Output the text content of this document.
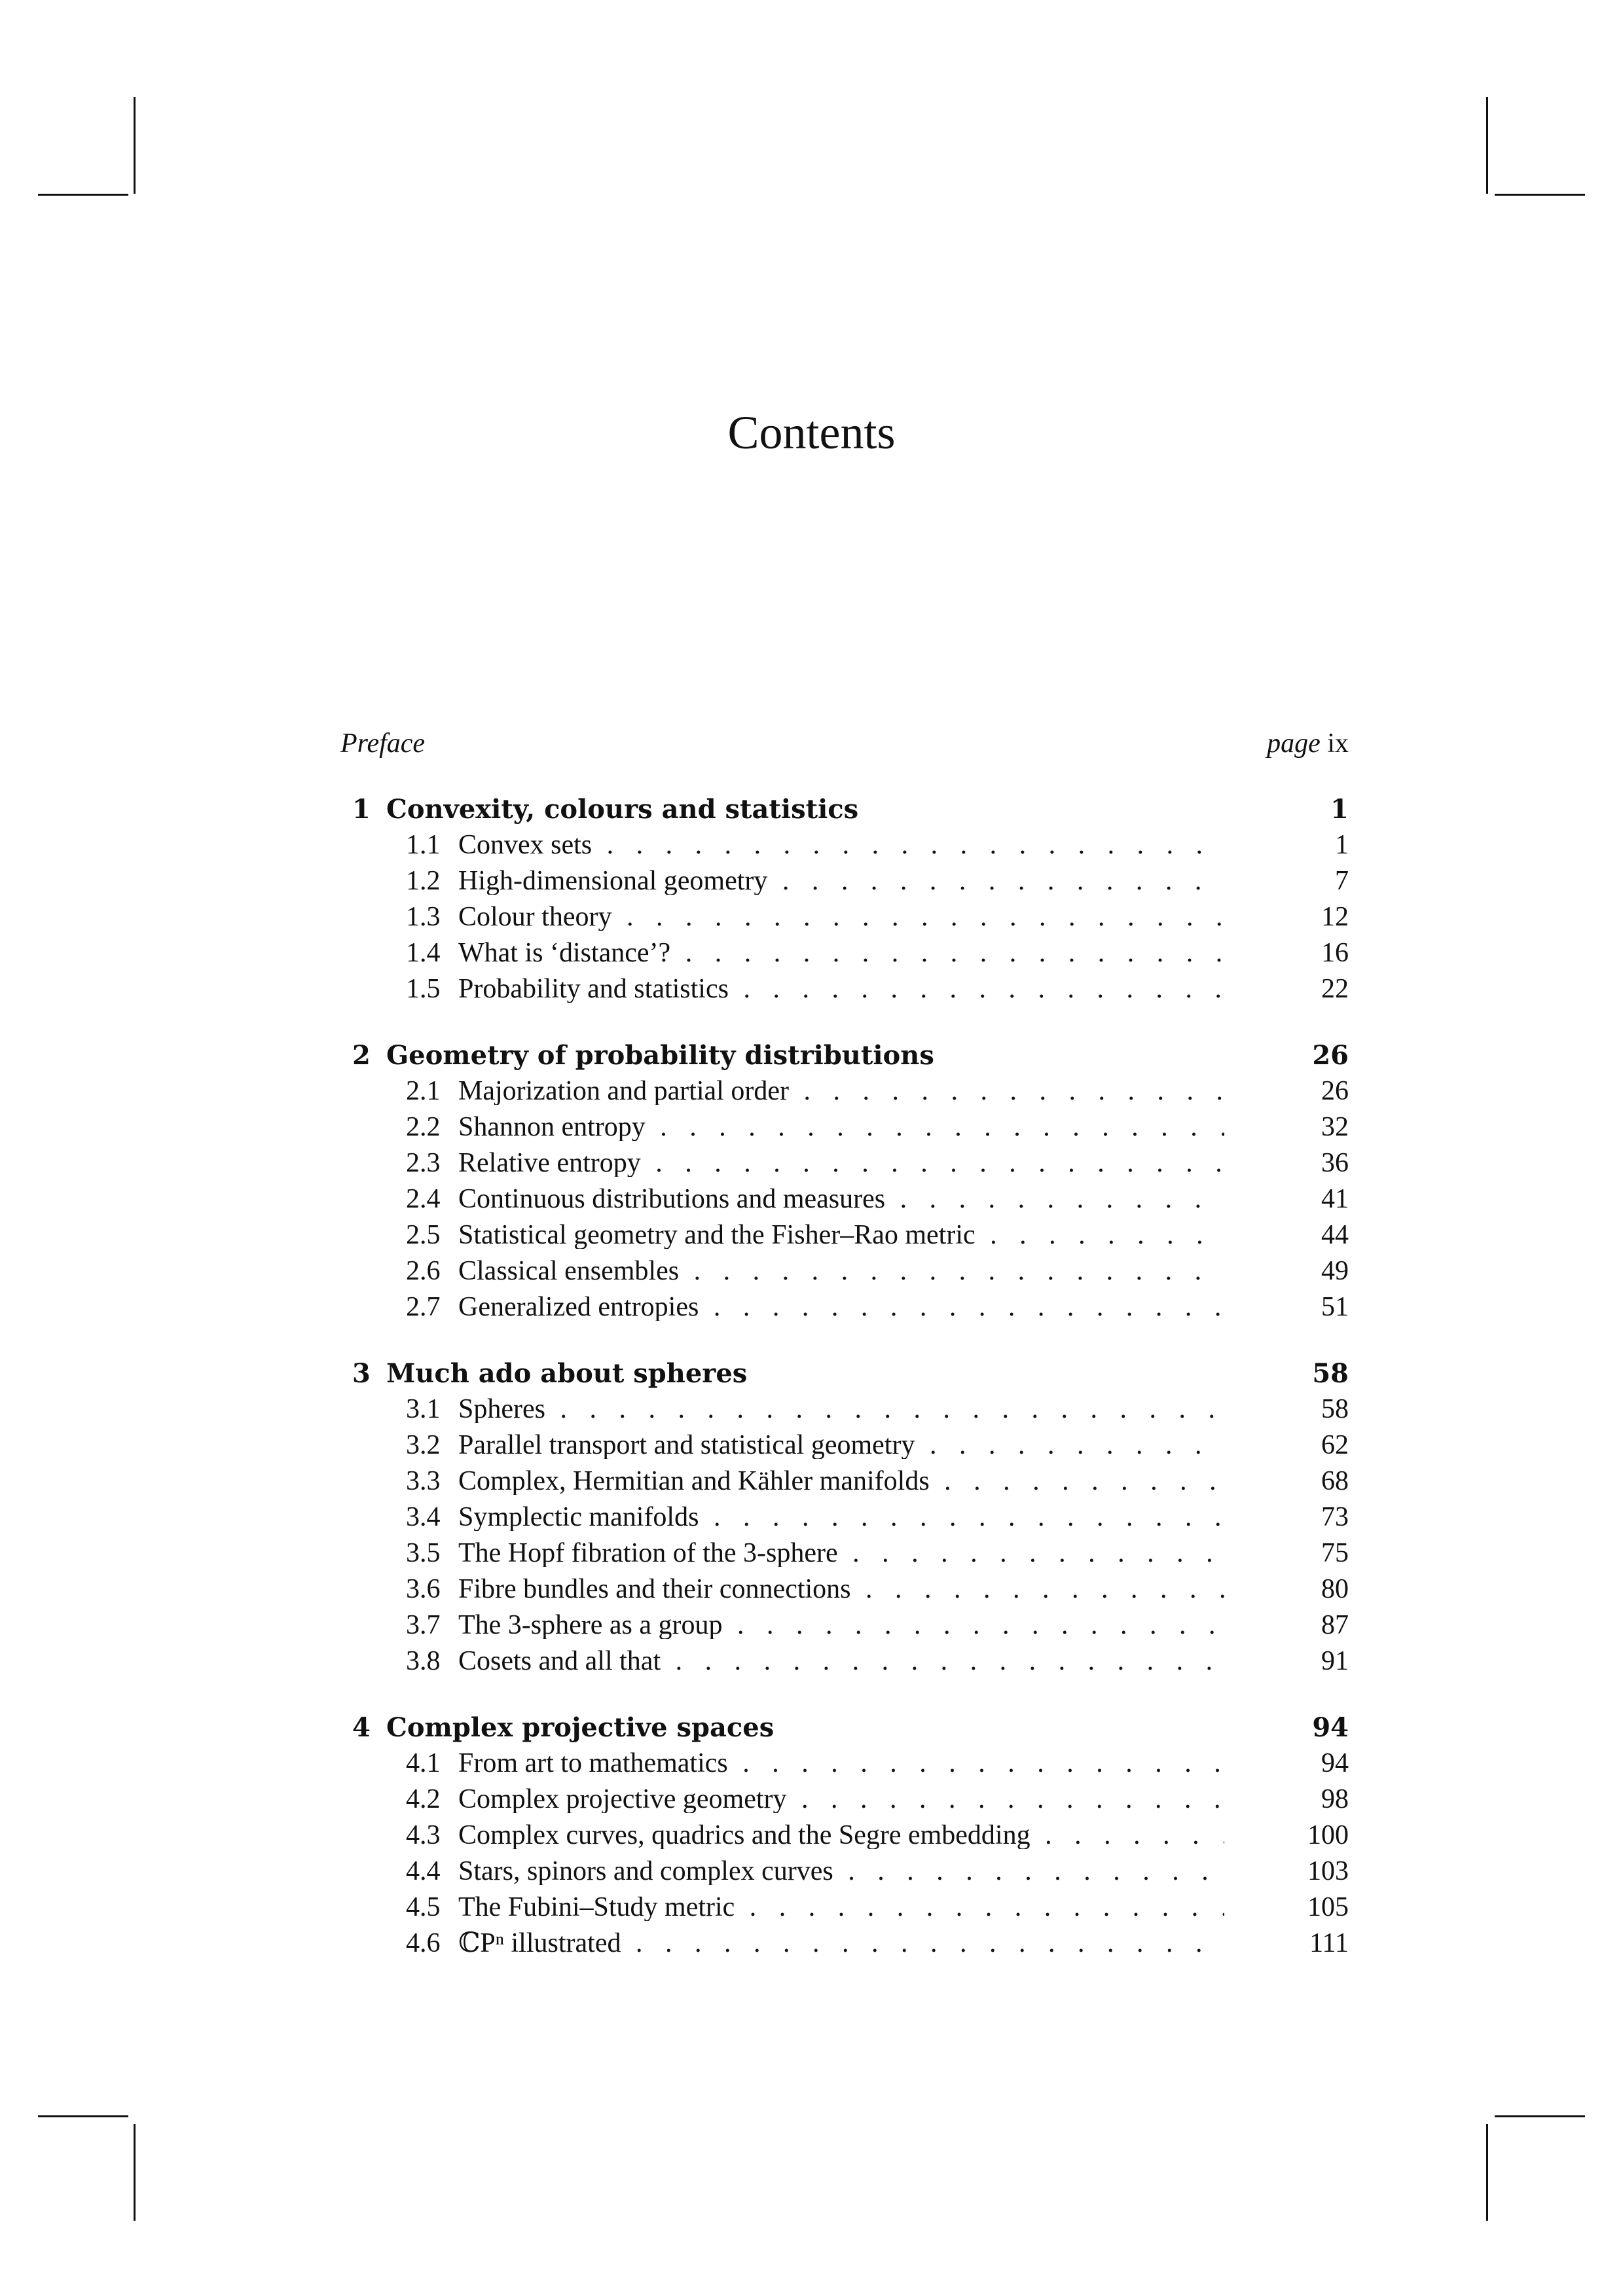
Contents
Preface	page ix
1 Convexity, colours and statistics	1
1.1 Convex sets . . .	1
1.2 High-dimensional geometry . . .	7
1.3 Colour theory . . .	12
1.4 What is ‘distance’? . . .	16
1.5 Probability and statistics . . .	22
2 Geometry of probability distributions	26
2.1 Majorization and partial order . . .	26
2.2 Shannon entropy . . .	32
2.3 Relative entropy . . .	36
2.4 Continuous distributions and measures . . .	41
2.5 Statistical geometry and the Fisher–Rao metric . . .	44
2.6 Classical ensembles . . .	49
2.7 Generalized entropies . . .	51
3 Much ado about spheres	58
3.1 Spheres . . .	58
3.2 Parallel transport and statistical geometry . . .	62
3.3 Complex, Hermitian and Kähler manifolds . . .	68
3.4 Symplectic manifolds . . .	73
3.5 The Hopf fibration of the 3-sphere . . .	75
3.6 Fibre bundles and their connections . . .	80
3.7 The 3-sphere as a group . . .	87
3.8 Cosets and all that . . .	91
4 Complex projective spaces	94
4.1 From art to mathematics . . .	94
4.2 Complex projective geometry . . .	98
4.3 Complex curves, quadrics and the Segre embedding . . .	100
4.4 Stars, spinors and complex curves . . .	103
4.5 The Fubini–Study metric . . .	105
4.6 ℂPⁿ illustrated . . .	111
